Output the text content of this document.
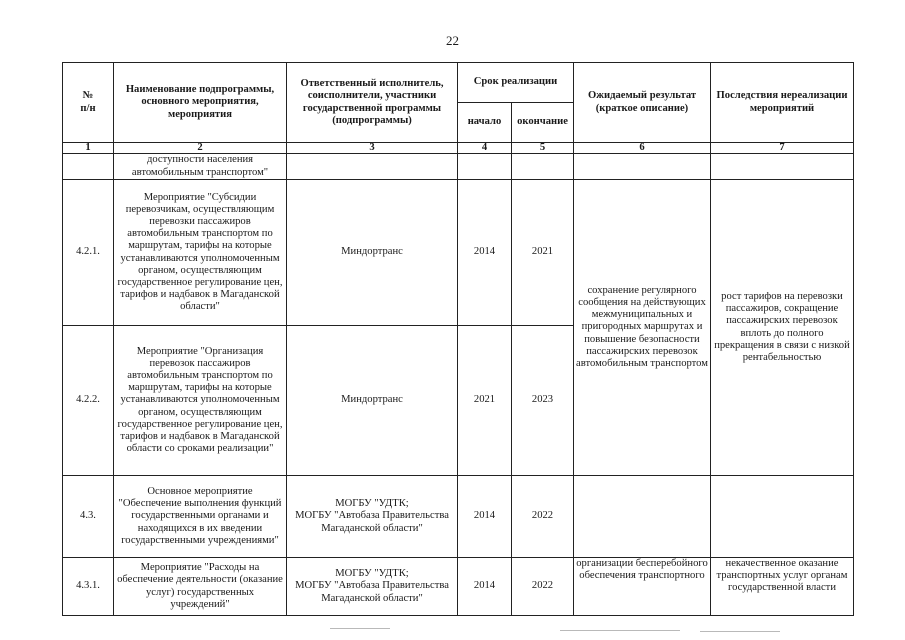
22
№
п/н	Наименование подпрограммы, основного мероприятия, мероприятия	Ответственный исполнитель, соисполнители, участники государственной программы (подпрограммы)	Срок реализации		Ожидаемый результат (краткое описание)	Последствия нереализации мероприятий
			начало	окончание		
1	2	3	4	5	6	7
	доступности населения автомобильным транспортом"					
4.2.1.	Мероприятие "Субсидии перевозчикам, осуществляющим перевозки пассажиров автомобильным транспортом по маршрутам, тарифы на которые устанавливаются уполномоченным органом, осуществляющим государственное регулирование цен, тарифов и надбавок в Магаданской области"	Миндортранс	2014	2021	сохранение регулярного сообщения на действующих межмуниципальных и пригородных маршрутах и повышение безопасности пассажирских перевозок автомобильным транспортом	рост тарифов на перевозки пассажиров, сокращение пассажирских перевозок вплоть до полного прекращения в связи с низкой рентабельностью
4.2.2.	Мероприятие "Организация перевозок пассажиров автомобильным транспортом по маршрутам, тарифы на которые устанавливаются уполномоченным органом, осуществляющим государственное регулирование цен, тарифов и надбавок в Магаданской области со сроками реализации"	Миндортранс	2021	2023		
4.3.	Основное мероприятие "Обеспечение выполнения функций государственными органами и находящихся в их введении государственными учреждениями"	МОГБУ "УДТК;
МОГБУ "Автобаза Правительства Магаданской области"	2014	2022		
4.3.1.	Мероприятие "Расходы на обеспечение деятельности (оказание услуг) государственных учреждений"	МОГБУ "УДТК;
МОГБУ "Автобаза Правительства Магаданской области"	2014	2022	организации бесперебойного обеспечения транспортного	некачественное оказание транспортных услуг органам государственной власти
